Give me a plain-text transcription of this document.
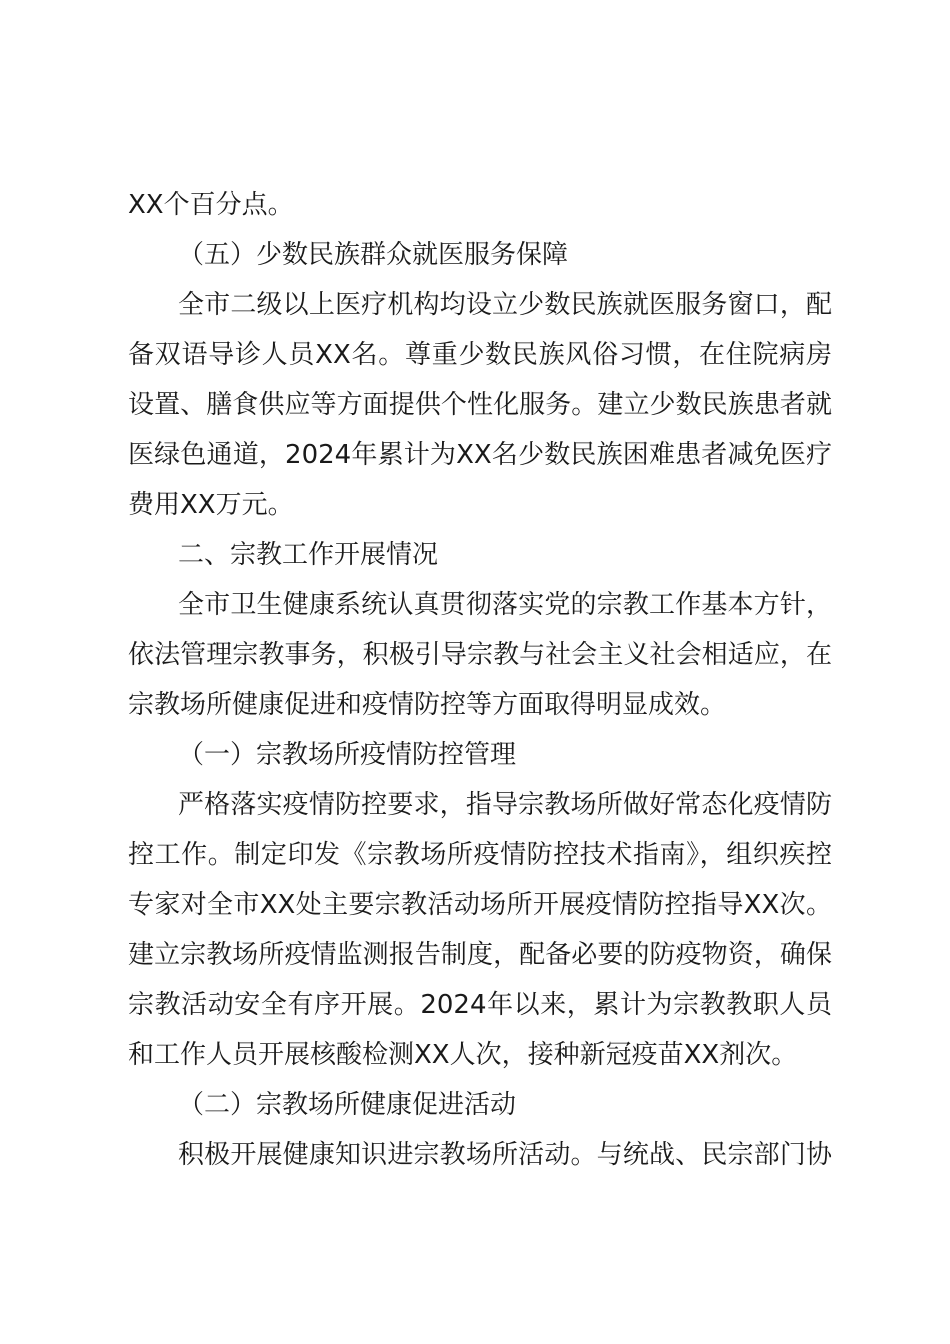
XX个百分点。
（五）少数民族群众就医服务保障
全市二级以上医疗机构均设立少数民族就医服务窗口，配
备双语导诊人员XX名。尊重少数民族风俗习惯，在住院病房
设置、膳食供应等方面提供个性化服务。建立少数民族患者就
医绿色通道，2024年累计为XX名少数民族困难患者减免医疗
费用XX万元。
二、宗教工作开展情况
全市卫生健康系统认真贯彻落实党的宗教工作基本方针，
依法管理宗教事务，积极引导宗教与社会主义社会相适应，在
宗教场所健康促进和疫情防控等方面取得明显成效。
（一）宗教场所疫情防控管理
严格落实疫情防控要求，指导宗教场所做好常态化疫情防
控工作。制定印发《宗教场所疫情防控技术指南》，组织疾控
专家对全市XX处主要宗教活动场所开展疫情防控指导XX次。
建立宗教场所疫情监测报告制度，配备必要的防疫物资，确保
宗教活动安全有序开展。2024年以来，累计为宗教教职人员
和工作人员开展核酸检测XX人次，接种新冠疫苗XX剂次。
（二）宗教场所健康促进活动
积极开展健康知识进宗教场所活动。与统战、民宗部门协
